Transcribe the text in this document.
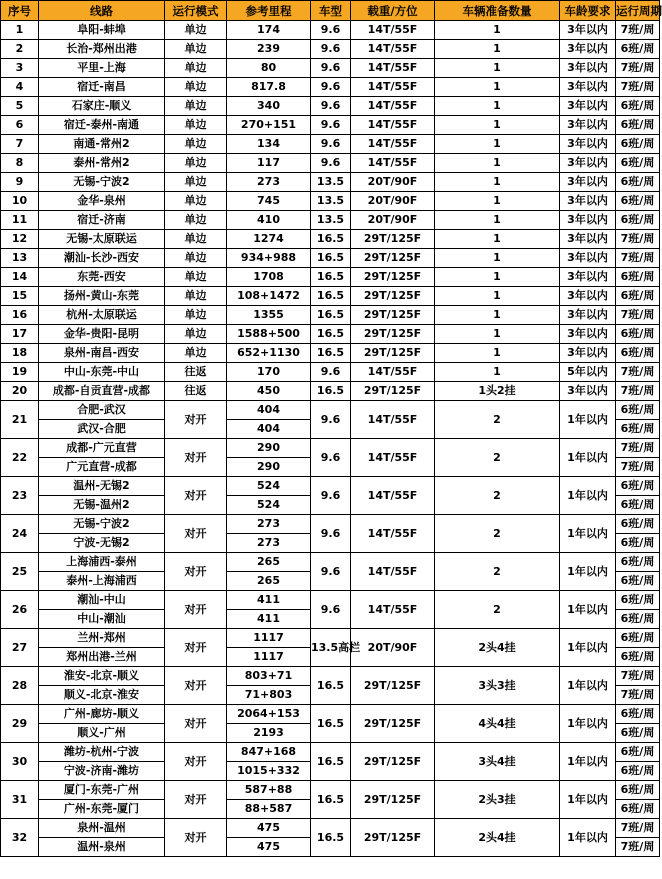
序号	线路	运行模式	参考里程	车型	载重/方位	车辆准备数量	车龄要求	运行周期
1	阜阳-蚌埠	单边	174	9.6	14T/55F	1	3年以内	7班/周
2	长治-郑州出港	单边	239	9.6	14T/55F	1	3年以内	6班/周
3	平里-上海	单边	80	9.6	14T/55F	1	3年以内	7班/周
4	宿迁-南昌	单边	817.8	9.6	14T/55F	1	3年以内	7班/周
5	石家庄-顺义	单边	340	9.6	14T/55F	1	3年以内	6班/周
6	宿迁-泰州-南通	单边	270+151	9.6	14T/55F	1	3年以内	6班/周
7	南通-常州2	单边	134	9.6	14T/55F	1	3年以内	6班/周
8	泰州-常州2	单边	117	9.6	14T/55F	1	3年以内	6班/周
9	无锡-宁波2	单边	273	13.5	20T/90F	1	3年以内	6班/周
10	金华-泉州	单边	745	13.5	20T/90F	1	3年以内	6班/周
11	宿迁-济南	单边	410	13.5	20T/90F	1	3年以内	6班/周
12	无锡-太原联运	单边	1274	16.5	29T/125F	1	3年以内	7班/周
13	潮汕-长沙-西安	单边	934+988	16.5	29T/125F	1	3年以内	7班/周
14	东莞-西安	单边	1708	16.5	29T/125F	1	3年以内	6班/周
15	扬州-黄山-东莞	单边	108+1472	16.5	29T/125F	1	3年以内	6班/周
16	杭州-太原联运	单边	1355	16.5	29T/125F	1	3年以内	7班/周
17	金华-贵阳-昆明	单边	1588+500	16.5	29T/125F	1	3年以内	6班/周
18	泉州-南昌-西安	单边	652+1130	16.5	29T/125F	1	3年以内	6班/周
19	中山-东莞-中山	往返	170	9.6	14T/55F	1	5年以内	7班/周
20	成都-自贡直营-成都	往返	450	16.5	29T/125F	1头2挂	3年以内	7班/周
21	合肥-武汉	对开	404	9.6	14T/55F	2	1年以内	6班/周
	武汉-合肥		404					6班/周
22	成都-广元直营	对开	290	9.6	14T/55F	2	1年以内	7班/周
	广元直营-成都		290					7班/周
23	温州-无锡2	对开	524	9.6	14T/55F	2	1年以内	6班/周
	无锡-温州2		524					6班/周
24	无锡-宁波2	对开	273	9.6	14T/55F	2	1年以内	6班/周
	宁波-无锡2		273					6班/周
25	上海浦西-泰州	对开	265	9.6	14T/55F	2	1年以内	6班/周
	泰州-上海浦西		265					6班/周
26	潮汕-中山	对开	411	9.6	14T/55F	2	1年以内	6班/周
	中山-潮汕		411					6班/周
27	兰州-郑州	对开	1117	13.5高栏	20T/90F	2头4挂	1年以内	6班/周
	郑州出港-兰州		1117					6班/周
28	淮安-北京-顺义	对开	803+71	16.5	29T/125F	3头3挂	1年以内	7班/周
	顺义-北京-淮安		71+803					7班/周
29	广州-廊坊-顺义	对开	2064+153	16.5	29T/125F	4头4挂	1年以内	6班/周
	顺义-广州		2193					6班/周
30	潍坊-杭州-宁波	对开	847+168	16.5	29T/125F	3头4挂	1年以内	6班/周
	宁波-济南-潍坊		1015+332					6班/周
31	厦门-东莞-广州	对开	587+88	16.5	29T/125F	2头3挂	1年以内	6班/周
	广州-东莞-厦门		88+587					6班/周
32	泉州-温州	对开	475	16.5	29T/125F	2头4挂	1年以内	7班/周
	温州-泉州		475					7班/周
